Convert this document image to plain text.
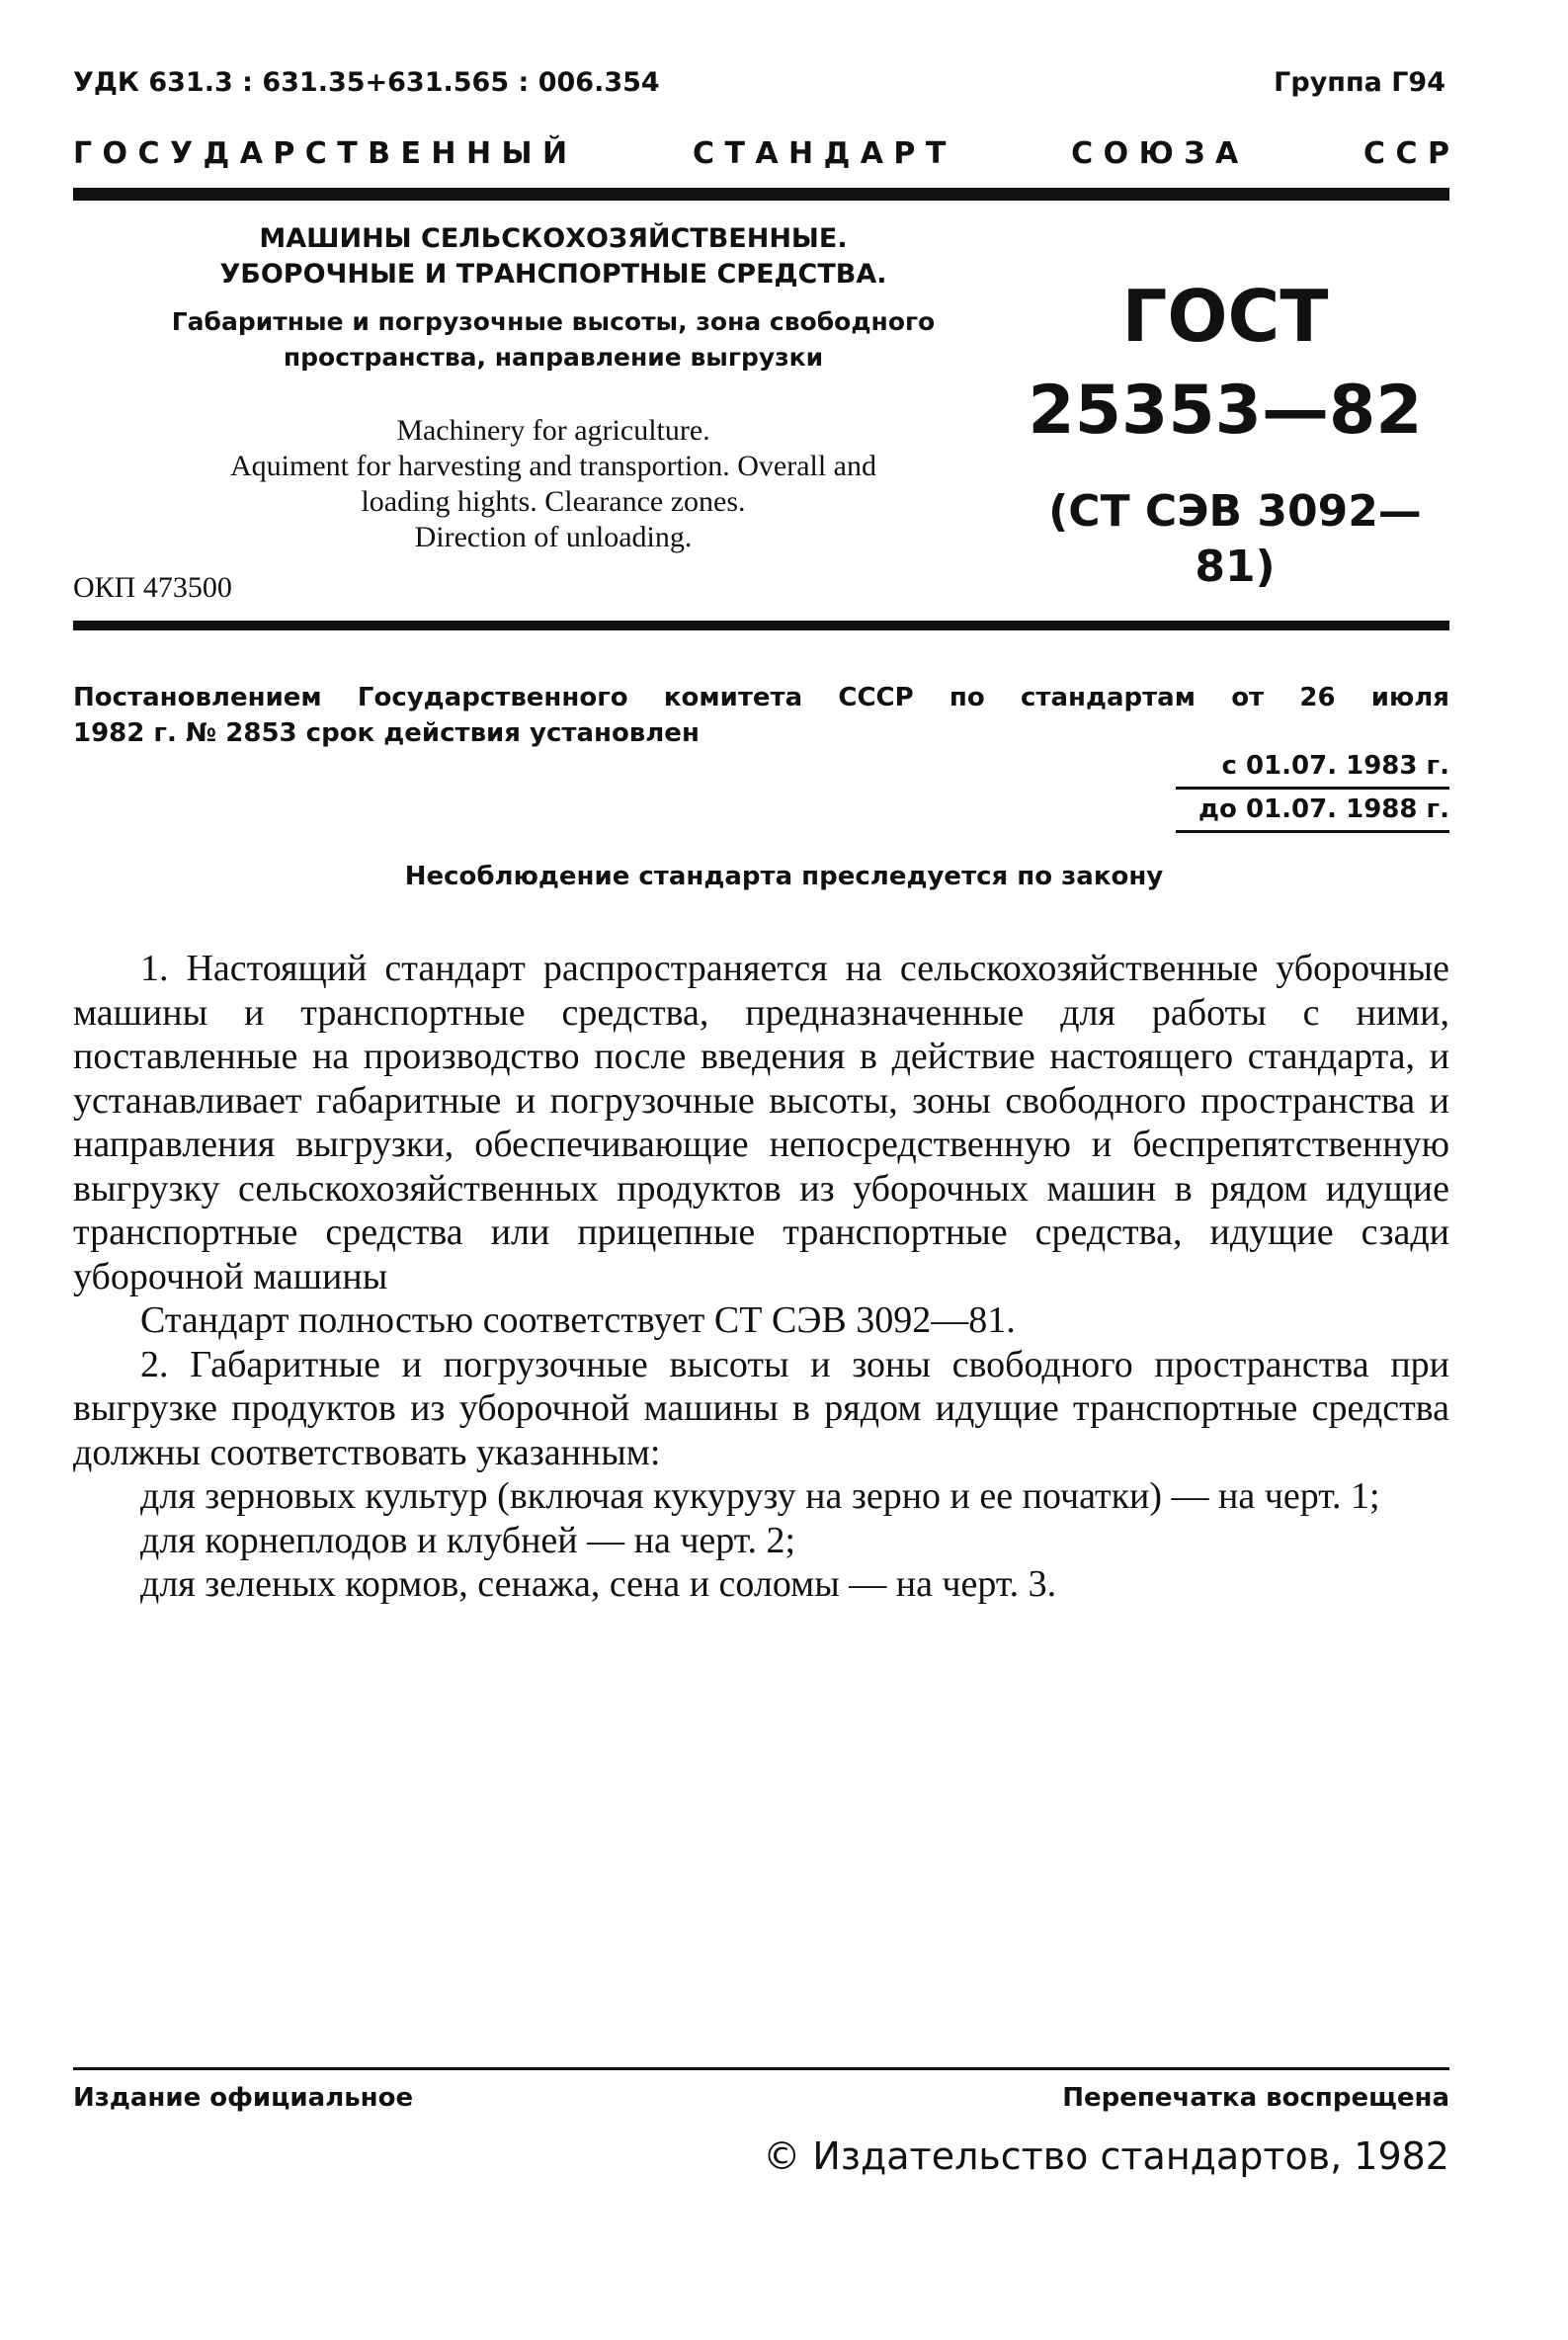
УДК 631.3 : 631.35+631.565 : 006.354	Группа Г94
Г О С У Д А Р С Т В Е Н Н Ы Й	С Т А Н Д А Р Т	С О Ю З А	С С Р
МАШИНЫ СЕЛЬСКОХОЗЯЙСТВЕННЫЕ.
УБОРОЧНЫЕ И ТРАНСПОРТНЫЕ СРЕДСТВА.
Габаритные и погрузочные высоты, зона свободного
пространства, направление выгрузки
Machinery for agriculture.
Aquiment for harvesting and transportion. Overall and
loading hights. Clearance zones.
Direction of unloading.
ОКП 473500
ГОСТ
25353—82
(СТ СЭВ 3092—81)
Постановлением Государственного комитета СССР по стандартам от 26 июля
1982 г. № 2853 срок действия установлен
с 01.07. 1983 г.
до 01.07. 1988 г.
Несоблюдение стандарта преследуется по закону

1. Настоящий стандарт распространяется на сельскохозяйственные уборочные машины и транспортные средства, предназначенные для работы с ними, поставленные на производство после введения в действие настоящего стандарта, и устанавливает габаритные и погрузочные высоты, зоны свободного пространства и направления выгрузки, обеспечивающие непосредственную и беспрепятственную выгрузку сельскохозяйственных продуктов из уборочных машин в рядом идущие транспортные средства или прицепные транспортные средства, идущие сзади уборочной машины

Стандарт полностью соответствует СТ СЭВ 3092—81.

2. Габаритные и погрузочные высоты и зоны свободного пространства при выгрузке продуктов из уборочной машины в рядом идущие транспортные средства должны соответствовать указанным:

для зерновых культур (включая кукурузу на зерно и ее початки) — на черт. 1;

для корнеплодов и клубней — на черт. 2;

для зеленых кормов, сенажа, сена и соломы — на черт. 3.

Издание официальное	Перепечатка воспрещена
© Издательство стандартов, 1982
